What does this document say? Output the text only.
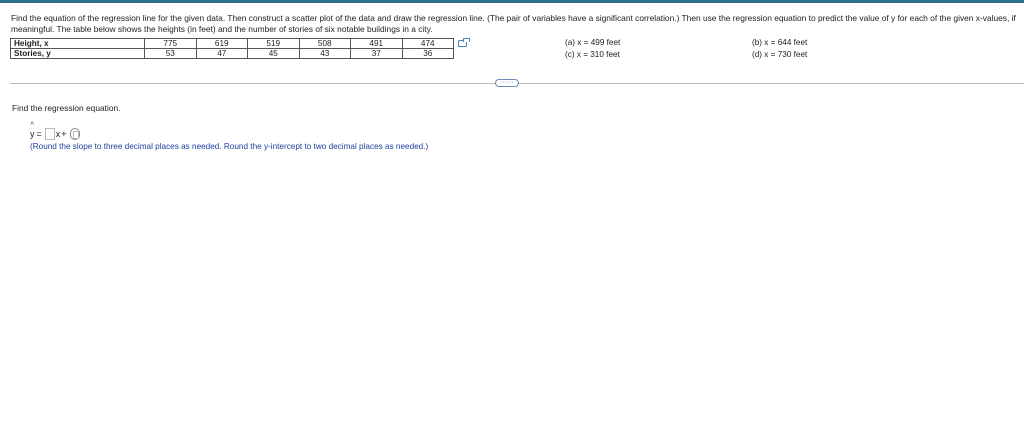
Find the equation of the regression line for the given data. Then construct a scatter plot of the data and draw the regression line. (The pair of variables have a significant correlation.) Then use the regression equation to predict the value of y for each of the given x-values, if meaningful. The table below shows the heights (in feet) and the number of stories of six notable buildings in a city.
Height, x	775	619	519	508	491	474
Stories, y	53	47	45	43	37	36
(a) x = 499 feet
(c) x = 310 feet
(b) x = 644 feet
(d) x = 730 feet
·····
Find the regression equation.
^ y = x +
(Round the slope to three decimal places as needed. Round the y-intercept to two decimal places as needed.)
